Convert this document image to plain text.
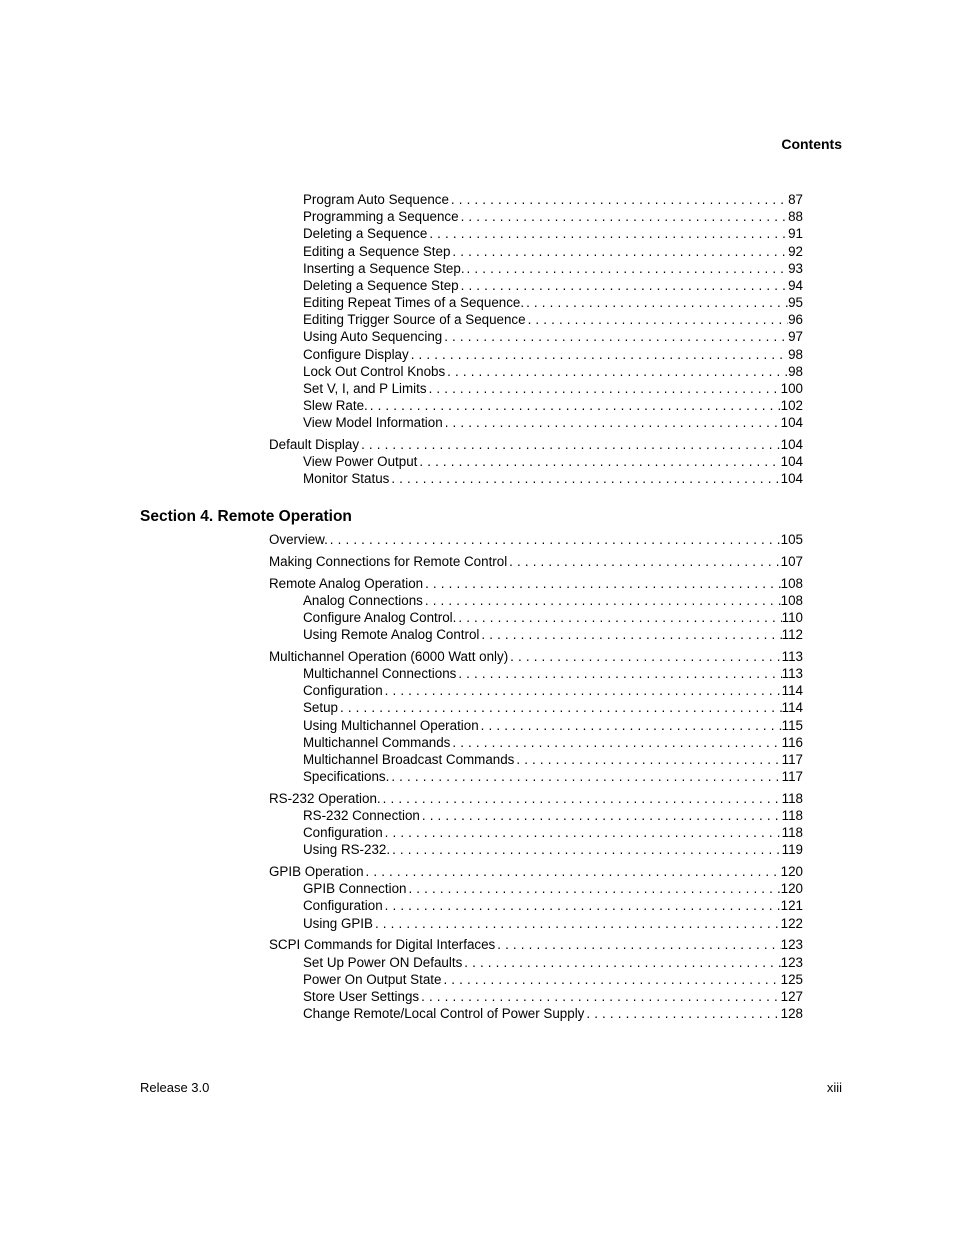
Contents
Program Auto Sequence . . .	87
Programming a Sequence . . .	88
Deleting a Sequence . . .	91
Editing a Sequence Step . . .	92
Inserting a Sequence Step. . . .	93
Deleting a Sequence Step . . .	94
Editing Repeat Times of a Sequence. . . .	95
Editing Trigger Source of a Sequence . . .	96
Using Auto Sequencing . . .	97
Configure Display . . .	98
Lock Out Control Knobs . . .	98
Set V, I, and P Limits . . .	100
Slew Rate. . . .	102
View Model Information . . .	104
Default Display . . .	104
View Power Output . . .	104
Monitor Status . . .	104
Section 4. Remote Operation
Overview. . . .	105
Making Connections for Remote Control . . .	107
Remote Analog Operation . . .	108
Analog Connections . . .	108
Configure Analog Control. . . .	110
Using Remote Analog Control . . .	112
Multichannel Operation (6000 Watt only) . . .	113
Multichannel Connections . . .	113
Configuration . . .	114
Setup . . .	114
Using Multichannel Operation . . .	115
Multichannel Commands . . .	116
Multichannel Broadcast Commands . . .	117
Specifications. . . .	117
RS-232 Operation. . . .	118
RS-232 Connection . . .	118
Configuration . . .	118
Using RS-232. . . .	119
GPIB Operation . . .	120
GPIB Connection . . .	120
Configuration . . .	121
Using GPIB . . .	122
SCPI Commands for Digital Interfaces . . .	123
Set Up Power ON Defaults . . .	123
Power On Output State . . .	125
Store User Settings . . .	127
Change Remote/Local Control of Power Supply . . .	128
Release 3.0	xiii
